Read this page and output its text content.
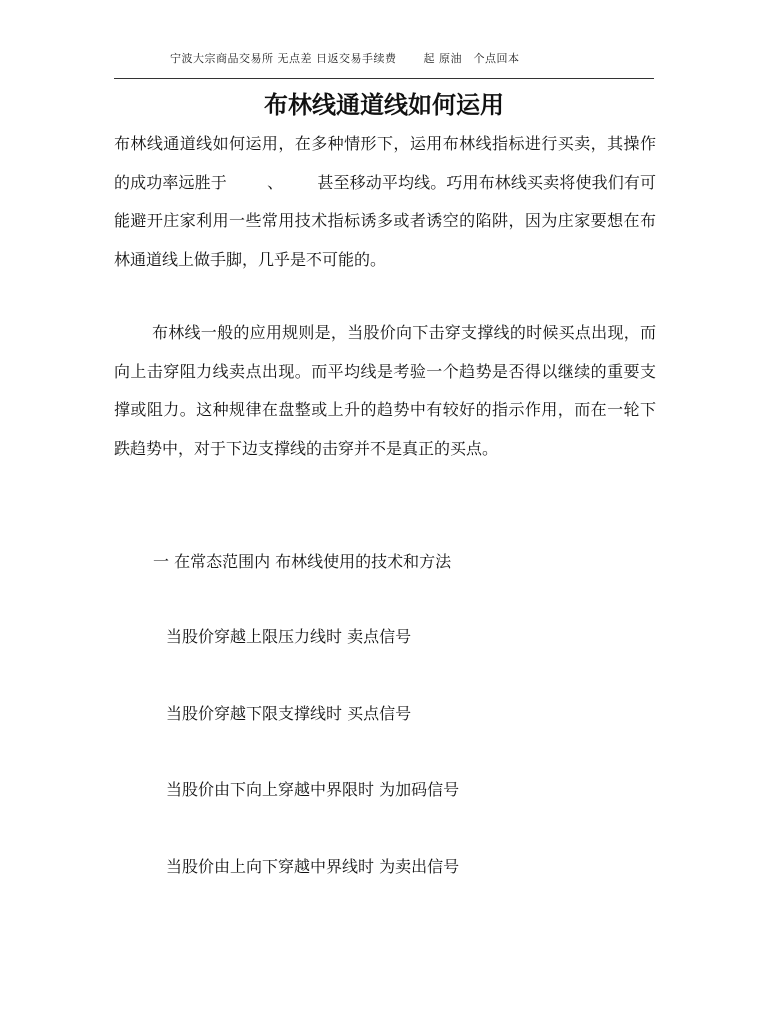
宁波大宗商品交易所 无点差 日返交易手续费 　　起 原油　个点回本
布林线通道线如何运用

布林线通道线如何运用，在多种情形下，运用布林线指标进行买卖，其操作的成功率远胜于	、 甚至移动平均线。巧用布林线买卖将使我们有可能避开庄家利用一些常用技术指标诱多或者诱空的陷阱，因为庄家要想在布林通道线上做手脚，几乎是不可能的。

布林线一般的应用规则是，当股价向下击穿支撑线的时候买点出现，而向上击穿阻力线卖点出现。而平均线是考验一个趋势是否得以继续的重要支撑或阻力。这种规律在盘整或上升的趋势中有较好的指示作用，而在一轮下跌趋势中，对于下边支撑线的击穿并不是真正的买点。

一 在常态范围内 布林线使用的技术和方法

当股价穿越上限压力线时 卖点信号

当股价穿越下限支撑线时 买点信号

当股价由下向上穿越中界限时 为加码信号

当股价由上向下穿越中界线时 为卖出信号
